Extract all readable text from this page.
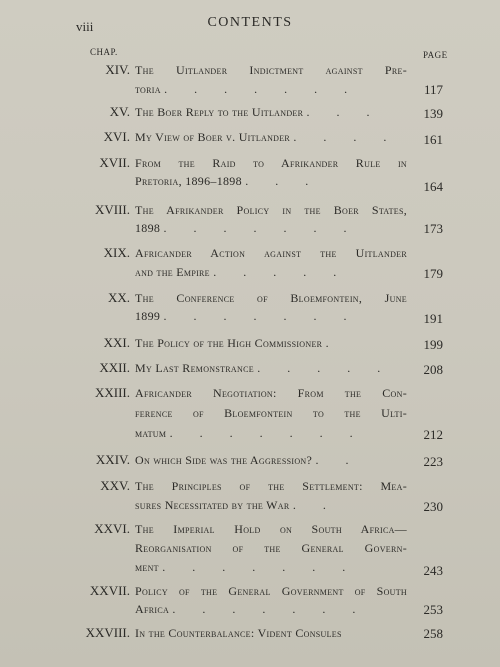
viii	CONTENTS
CHAP.	PAGE
XIV. The Uitlander Indictment against Pre-
toria . . . . . . .	117
XV. The Boer Reply to the Uitlander . . .	139
XVI. My View of Boer v. Uitlander . . . .	161
XVII. From the Raid to Afrikander Rule in
Pretoria, 1896–1898 . . .	164
XVIII. The Afrikander Policy in the Boer States,
1898 . . . . . . .	173
XIX. Africander Action against the Uitlander
and the Empire . . . . .	179
XX. The Conference of Bloemfontein, June
1899 . . . . . . .	191
XXI. The Policy of the High Commissioner .	199
XXII. My Last Remonstrance . . . . .	208
XXIII. Africander Negotiation: From the Con-
ference of Bloemfontein to the Ulti-
matum . . . . . . .	212
XXIV. On which Side was the Aggression? . .	223
XXV. The Principles of the Settlement: Mea-
sures Necessitated by the War . .	230
XXVI. The Imperial Hold on South Africa—
Reorganisation of the General Govern-
ment . . . . . . .	243
XXVII. Policy of the General Government of South
Africa . . . . . . .	253
XXVIII. In the Counterbalance: Vident Consules	258
